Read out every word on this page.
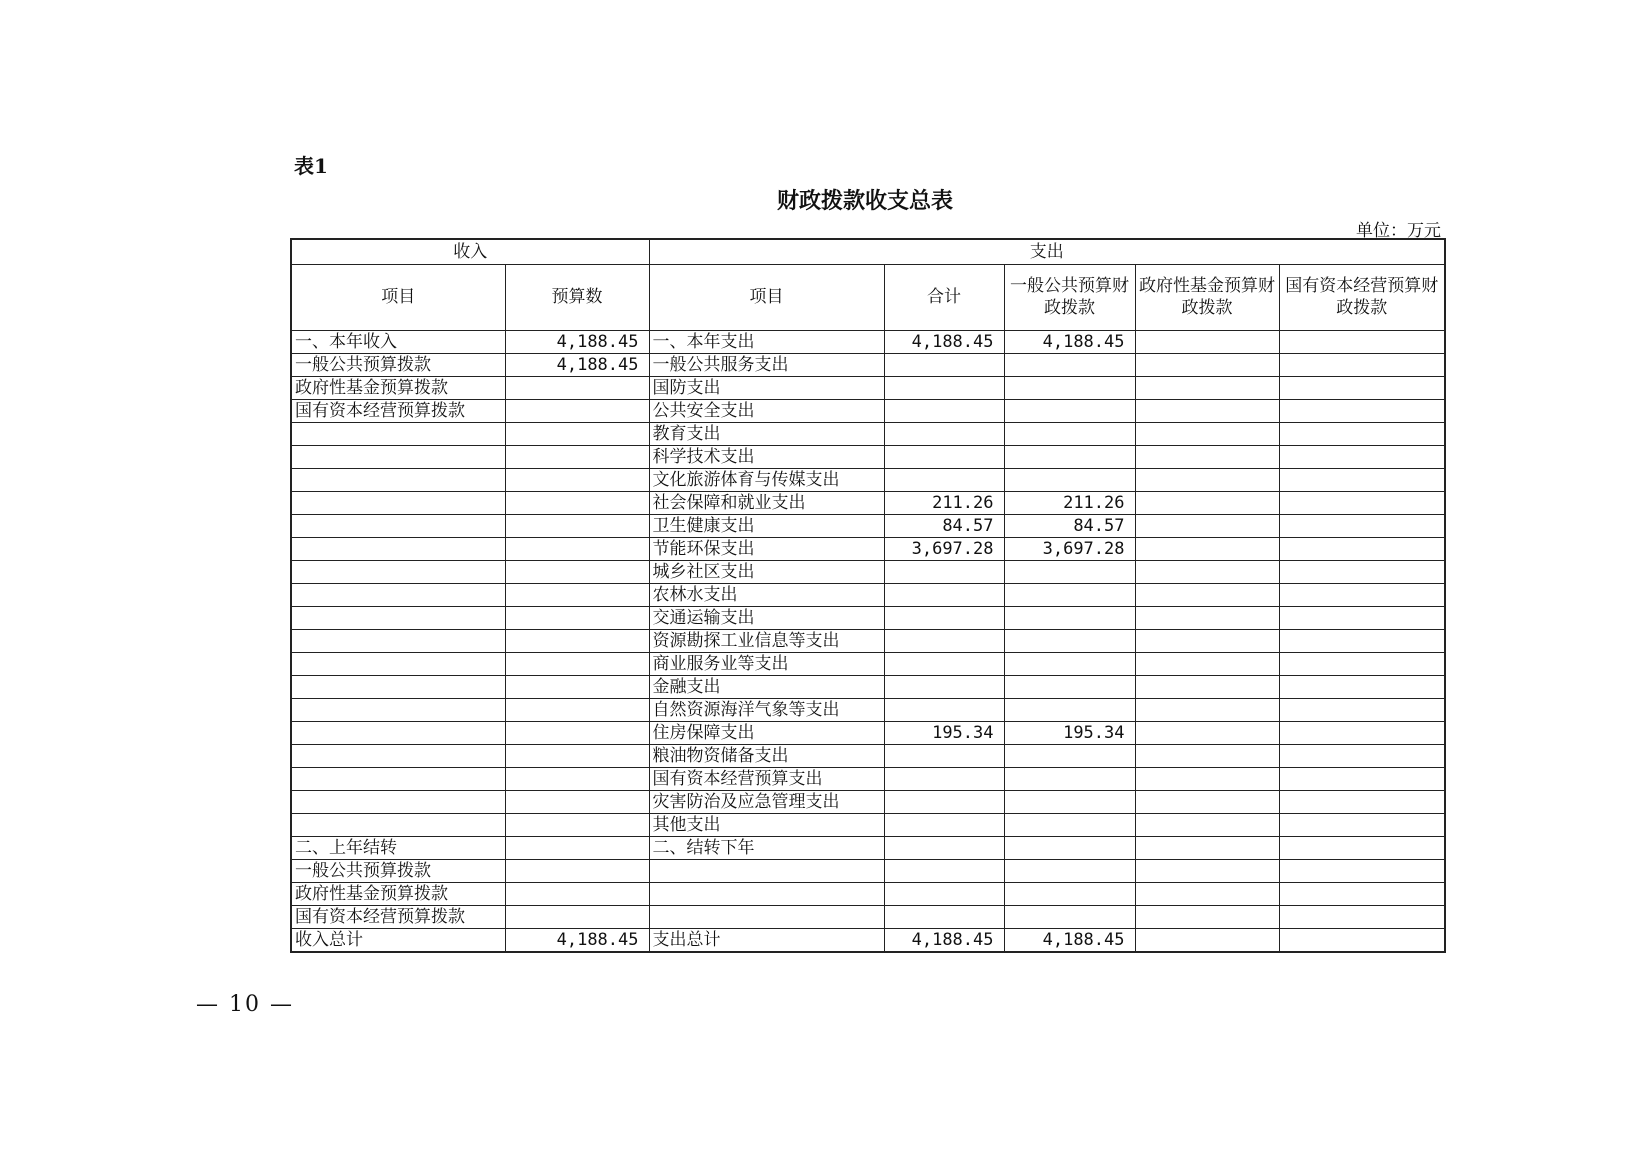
表1
财政拨款收支总表
单位：万元
收入		支出				
项目	预算数	项目	合计	一般公共预算财政拨款	政府性基金预算财政拨款	国有资本经营预算财政拨款
一、本年收入	4,188.45	一、本年支出	4,188.45	4,188.45		
一般公共预算拨款	4,188.45	一般公共服务支出				
政府性基金预算拨款		国防支出				
国有资本经营预算拨款		公共安全支出				
		教育支出				
		科学技术支出				
		文化旅游体育与传媒支出				
		社会保障和就业支出	211.26	211.26		
		卫生健康支出	84.57	84.57		
		节能环保支出	3,697.28	3,697.28		
		城乡社区支出				
		农林水支出				
		交通运输支出				
		资源勘探工业信息等支出				
		商业服务业等支出				
		金融支出				
		自然资源海洋气象等支出				
		住房保障支出	195.34	195.34		
		粮油物资储备支出				
		国有资本经营预算支出				
		灾害防治及应急管理支出				
		其他支出				
二、上年结转		二、结转下年				
一般公共预算拨款						
政府性基金预算拨款						
国有资本经营预算拨款						
收入总计	4,188.45	支出总计	4,188.45	4,188.45		
— 10 —
